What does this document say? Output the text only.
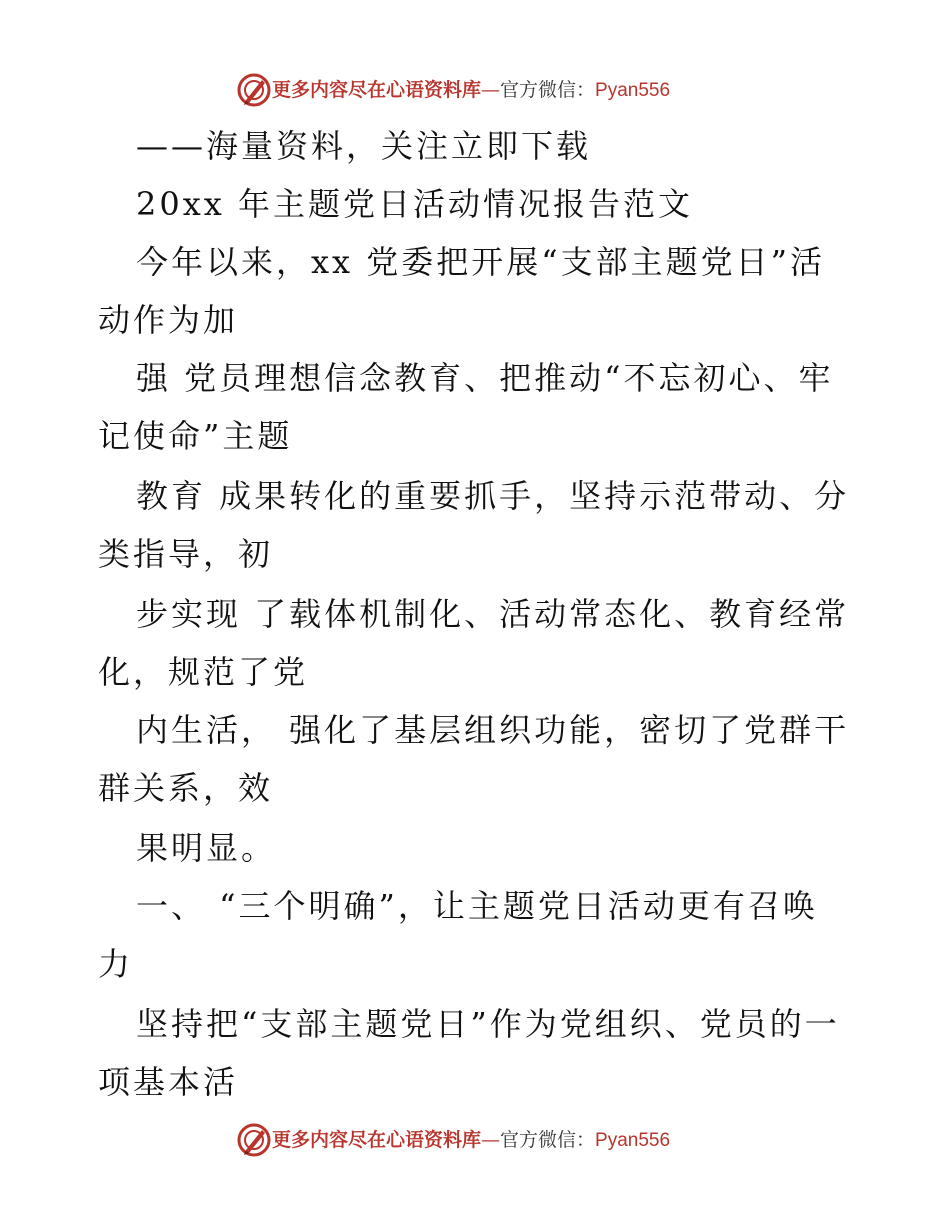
更多内容尽在心语资料库—官方微信：Pyan556
——海量资料，关注立即下载
20xx 年主题党日活动情况报告范文
今年以来，xx 党委把开展“支部主题党日”活
动作为加
强 党员理想信念教育、把推动“不忘初心、牢
记使命”主题
教育 成果转化的重要抓手，坚持示范带动、分
类指导，初
步实现 了载体机制化、活动常态化、教育经常
化，规范了党
内生活， 强化了基层组织功能，密切了党群干
群关系，效
果明显。
一、 “三个明确”，让主题党日活动更有召唤
力
坚持把“支部主题党日”作为党组织、党员的一
项基本活
更多内容尽在心语资料库—官方微信：Pyan556
